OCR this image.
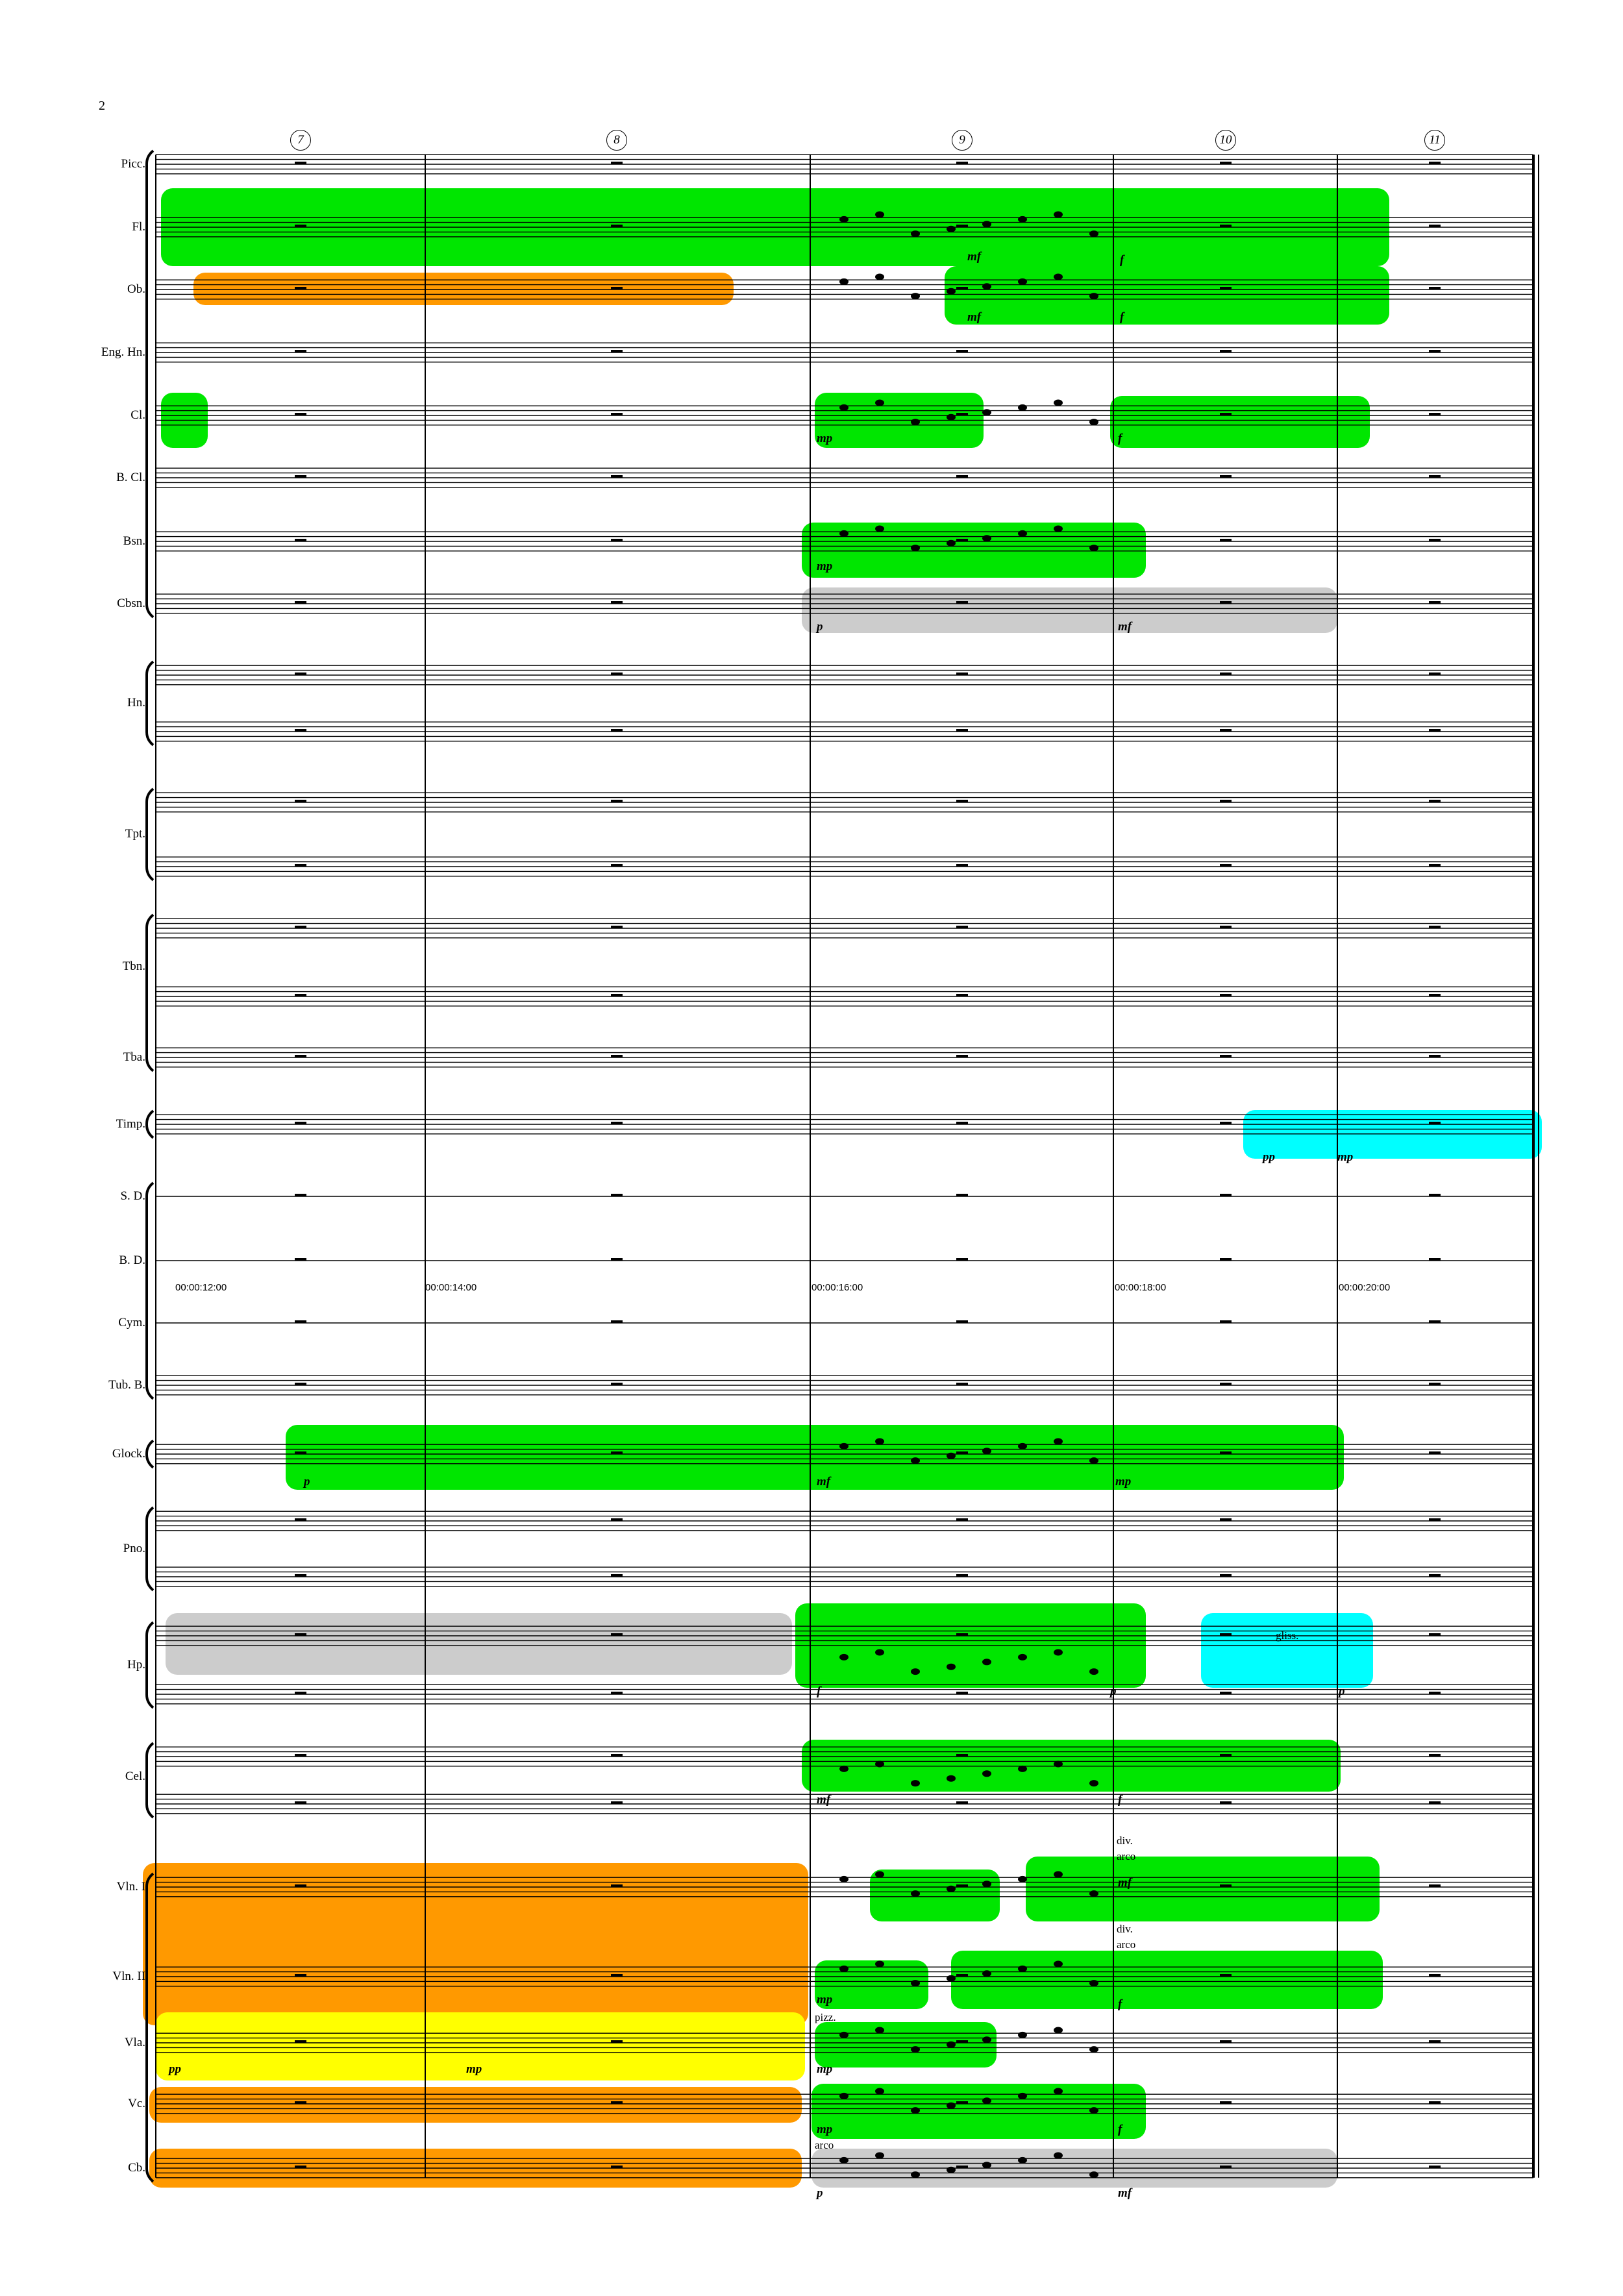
2
7	8	9	10	11
Picc.
Fl.
Ob.
Eng. Hn.
Cl.
B. Cl.
Bsn.
Cbsn.
Hn.
Tpt.
Tbn.
Tba.
Timp.
S. D.
B. D.
Cym.
Tub. B.
Glock.
Pno.
Hp.
Cel.
Vln. I
Vln. II
Vla.
Vc.
Cb.
00:00:12:00	00:00:14:00	00:00:16:00	00:00:18:00	00:00:20:00
div.
arco
div.
arco
pizz.
arco
gliss.
mf	f
mf	f
mp	f
mp
p	mf
pp	mp
p	mf	mp
f	p	p
mf	f
mf
mp	f
pp	mp	mp
mp	f
p	mf
